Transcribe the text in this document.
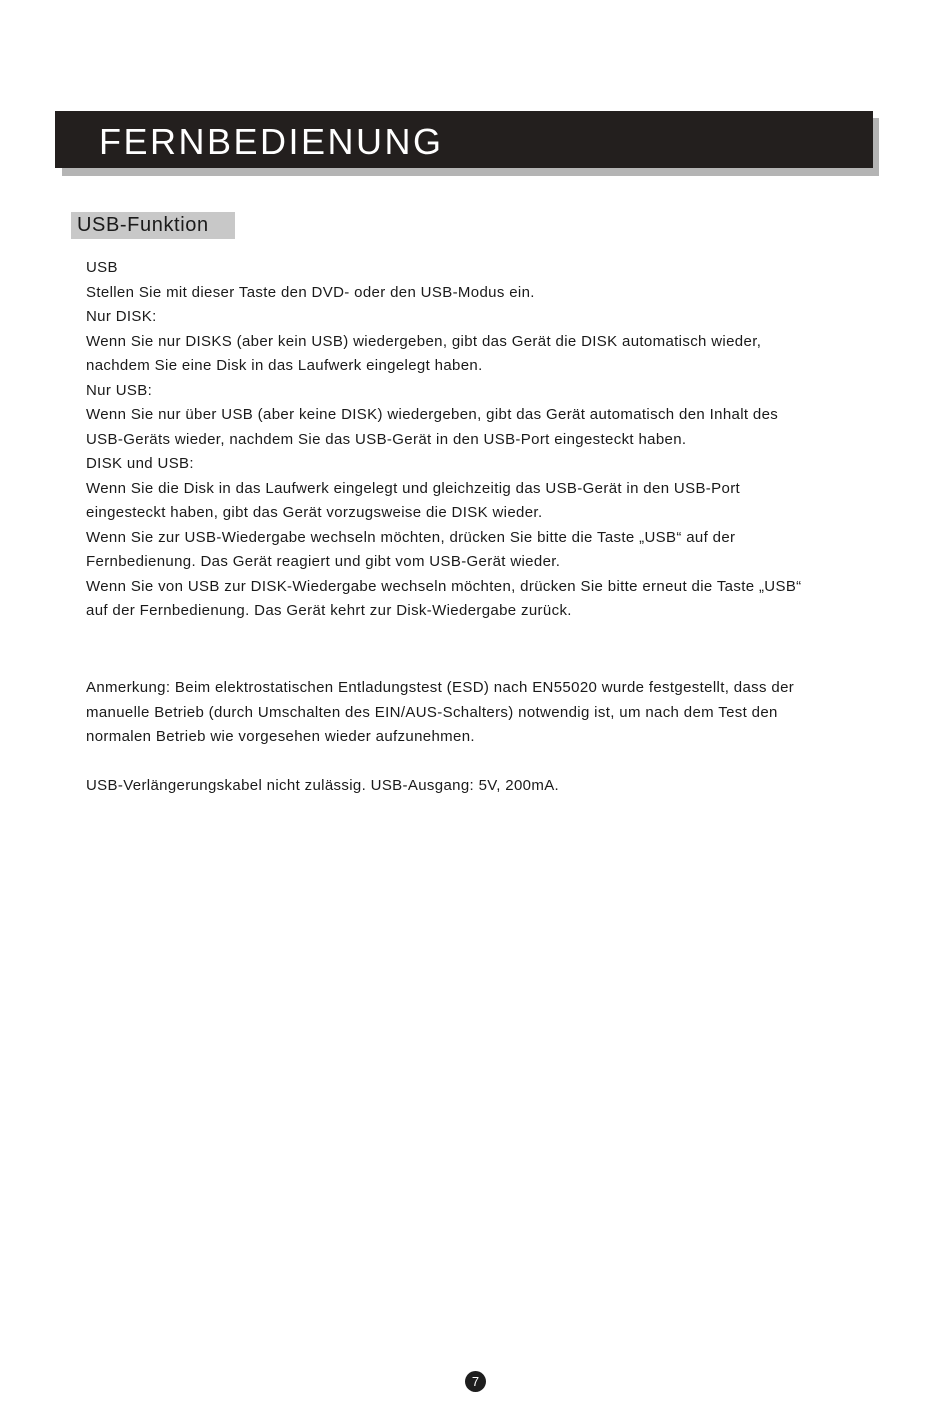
FERNBEDIENUNG
USB-Funktion

USB

Stellen Sie mit dieser Taste den DVD- oder den USB-Modus ein.

Nur DISK:

Wenn Sie nur DISKS (aber kein USB) wiedergeben, gibt das Gerät die DISK automatisch wieder,

nachdem Sie eine Disk in das Laufwerk eingelegt haben.

Nur USB:

Wenn Sie nur über USB (aber keine DISK) wiedergeben, gibt das Gerät automatisch den Inhalt des

USB-Geräts wieder, nachdem Sie das USB-Gerät in den USB-Port eingesteckt haben.

DISK und USB:

Wenn Sie die Disk in das Laufwerk eingelegt und gleichzeitig das USB-Gerät in den USB-Port

eingesteckt haben, gibt das Gerät vorzugsweise die DISK wieder.

Wenn Sie zur USB-Wiedergabe wechseln möchten, drücken Sie bitte die Taste „USB“ auf der

Fernbedienung. Das Gerät reagiert und gibt vom USB-Gerät wieder.

Wenn Sie von USB zur DISK-Wiedergabe wechseln möchten, drücken Sie bitte erneut die Taste „USB“

auf der Fernbedienung. Das Gerät kehrt zur Disk-Wiedergabe zurück.

Anmerkung: Beim elektrostatischen Entladungstest (ESD) nach EN55020 wurde festgestellt, dass der

manuelle Betrieb (durch Umschalten des EIN/AUS-Schalters) notwendig ist, um nach dem Test den

normalen Betrieb wie vorgesehen wieder aufzunehmen.

USB-Verlängerungskabel nicht zulässig. USB-Ausgang: 5V, 200mA.
7
